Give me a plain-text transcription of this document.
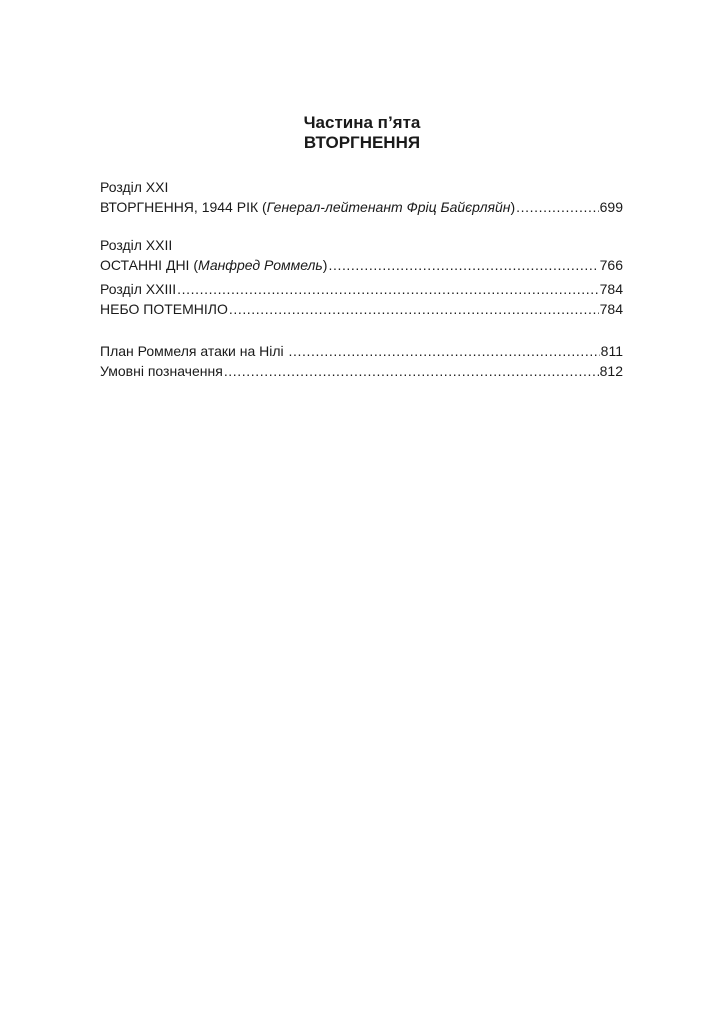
Частина п’ята
ВТОРГНЕННЯ
Розділ XXI
ВТОРГНЕННЯ, 1944 РІК (Генерал-лейтенант Фріц Байєрляйн) .....	699
Розділ XXII
ОСТАННІ ДНІ (Манфред Роммель) .....	766
Розділ XXIII .....	784
НЕБО ПОТЕМНІЛО .....	784
План Роммеля атаки на Нілі .....	811
Умовні позначення .....	812
